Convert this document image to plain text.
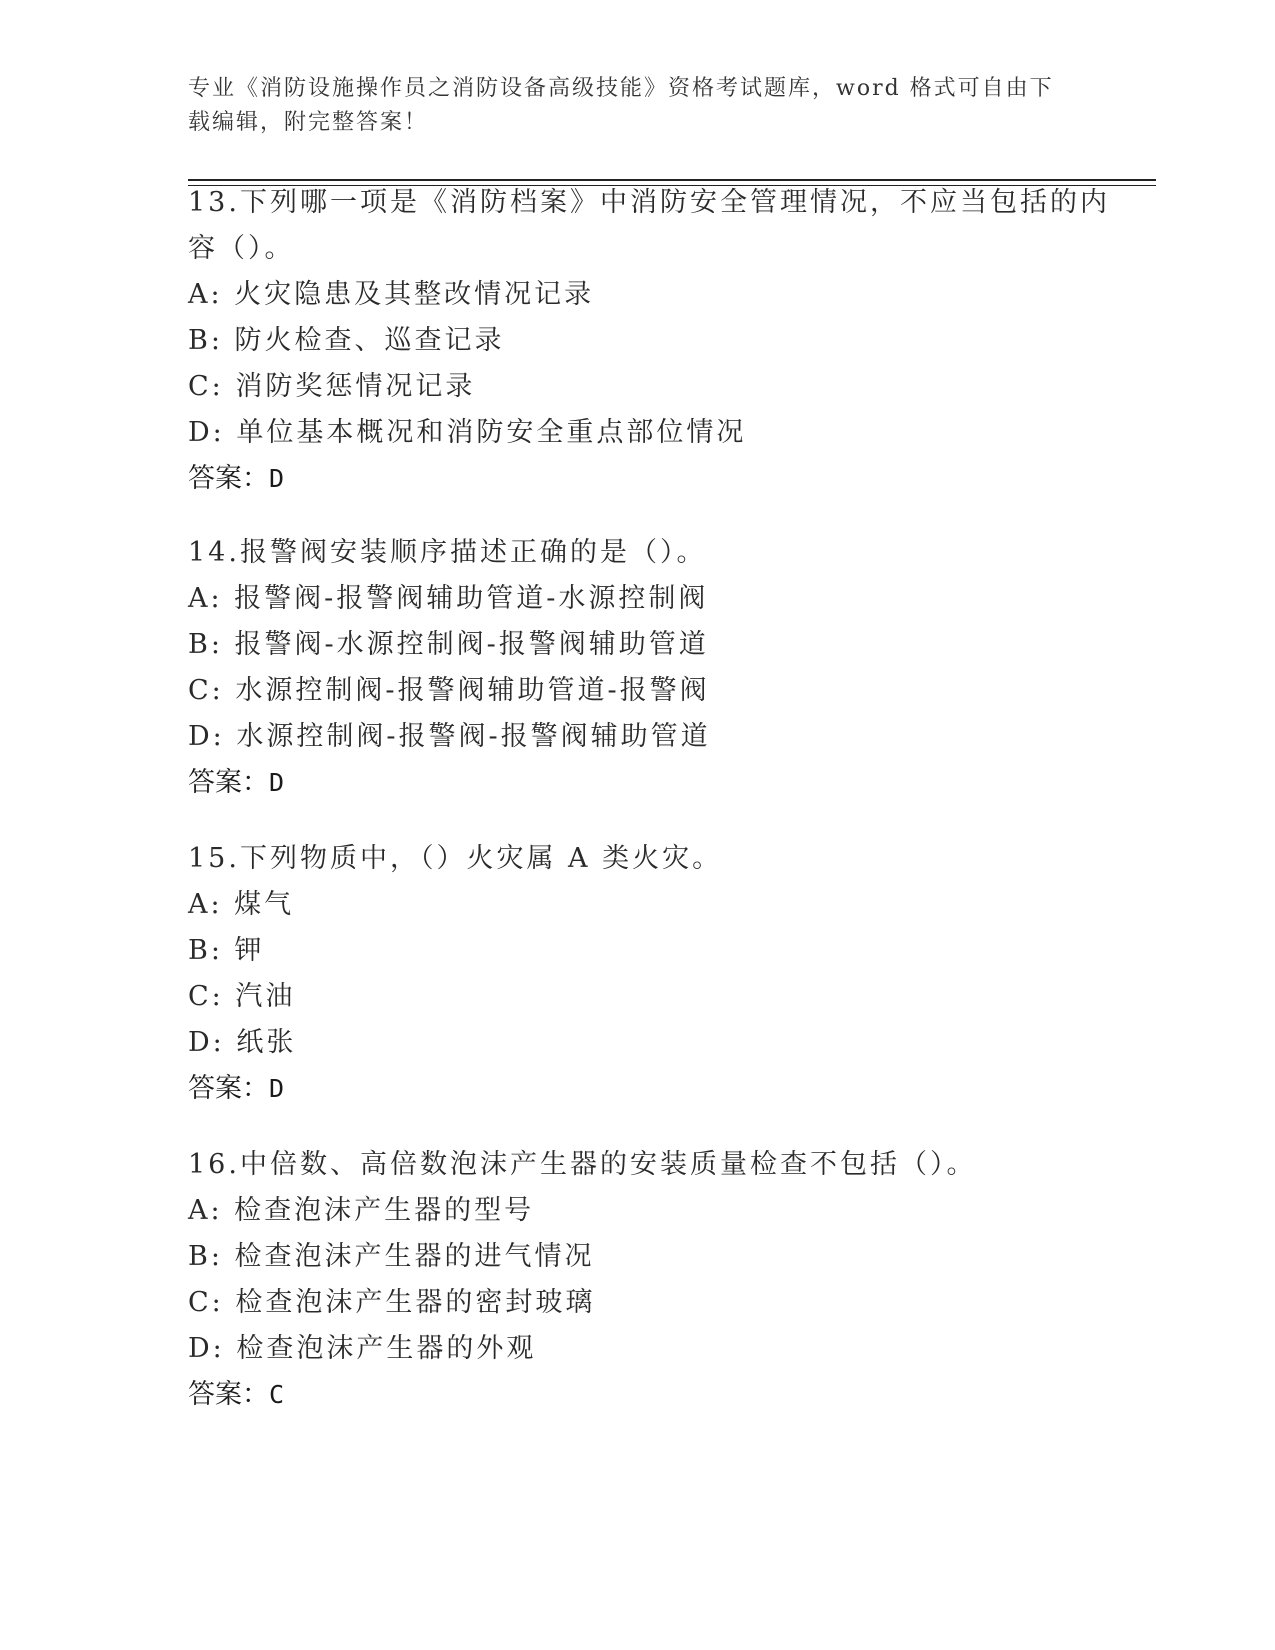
专业《消防设施操作员之消防设备高级技能》资格考试题库，word 格式可自由下
载编辑，附完整答案！
13.下列哪一项是《消防档案》中消防安全管理情况，不应当包括的内
容（）。
A: 火灾隐患及其整改情况记录
B: 防火检查、巡查记录
C: 消防奖惩情况记录
D: 单位基本概况和消防安全重点部位情况
答案：D
14.报警阀安装顺序描述正确的是（）。
A: 报警阀-报警阀辅助管道-水源控制阀
B: 报警阀-水源控制阀-报警阀辅助管道
C: 水源控制阀-报警阀辅助管道-报警阀
D: 水源控制阀-报警阀-报警阀辅助管道
答案：D
15.下列物质中，（）火灾属 A 类火灾。
A: 煤气
B: 钾
C: 汽油
D: 纸张
答案：D
16.中倍数、高倍数泡沫产生器的安装质量检查不包括（）。
A: 检查泡沫产生器的型号
B: 检查泡沫产生器的进气情况
C: 检查泡沫产生器的密封玻璃
D: 检查泡沫产生器的外观
答案：C
